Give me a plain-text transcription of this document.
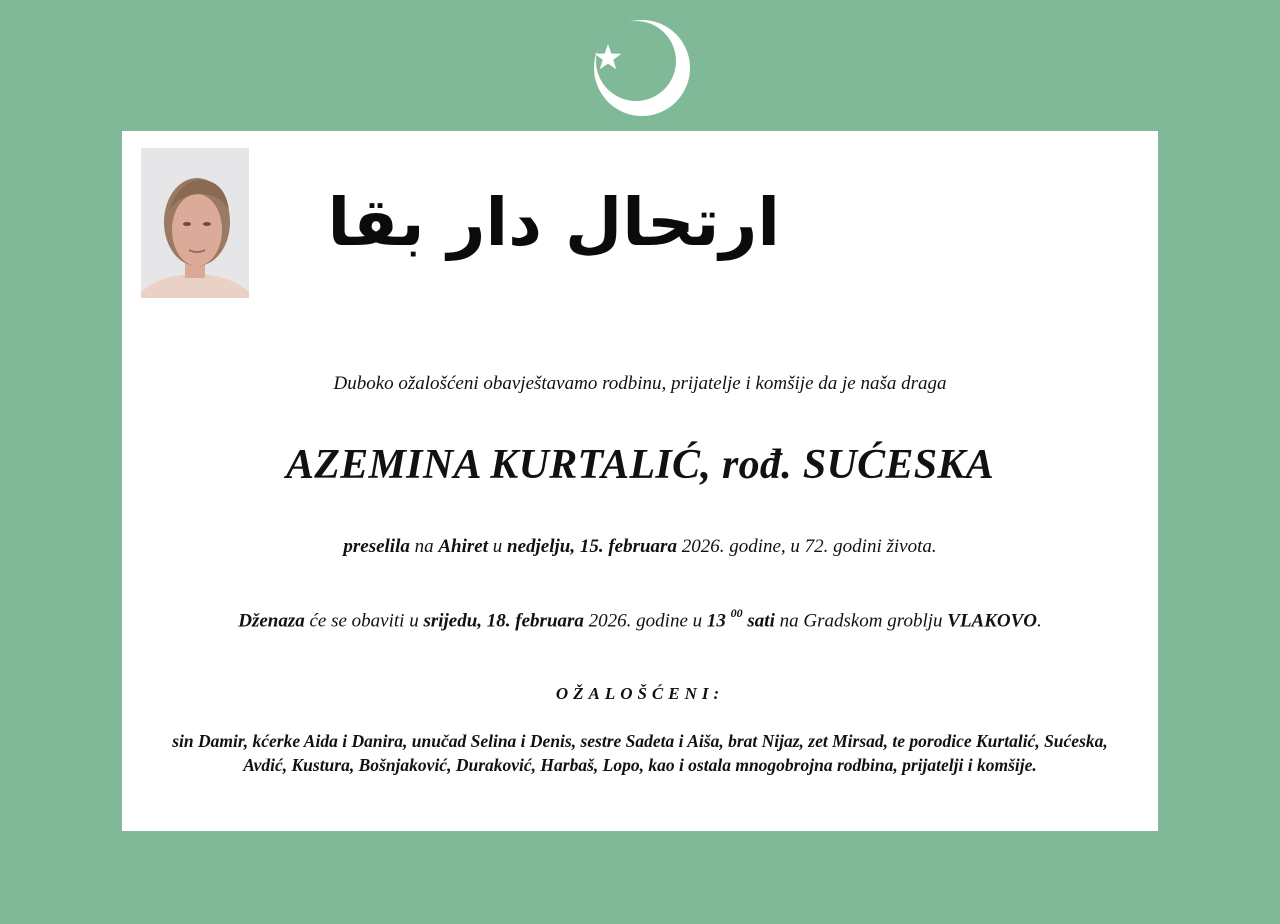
ارتحال دار بقا
Duboko ožalošćeni obavještavamo rodbinu, prijatelje i komšije da je naša draga
AZEMINA KURTALIĆ, rođ. SUĆESKA
preselila na Ahiret u nedjelju, 15. februara 2026. godine, u 72. godini života.
Dženaza će se obaviti u srijedu, 18. februara 2026. godine u 13 $^{00}$ sati na Gradskom groblju VLAKOVO.
OŽALOŠĆENI:
sin Damir, kćerke Aida i Danira, unučad Selina i Denis, sestre Sadeta i Aiša, brat Nijaz, zet Mirsad, te porodice Kurtalić, Sućeska, Avdić, Kustura, Bošnjaković, Duraković, Harbaš, Lopo, kao i ostala mnogobrojna rodbina, prijatelji i komšije.
